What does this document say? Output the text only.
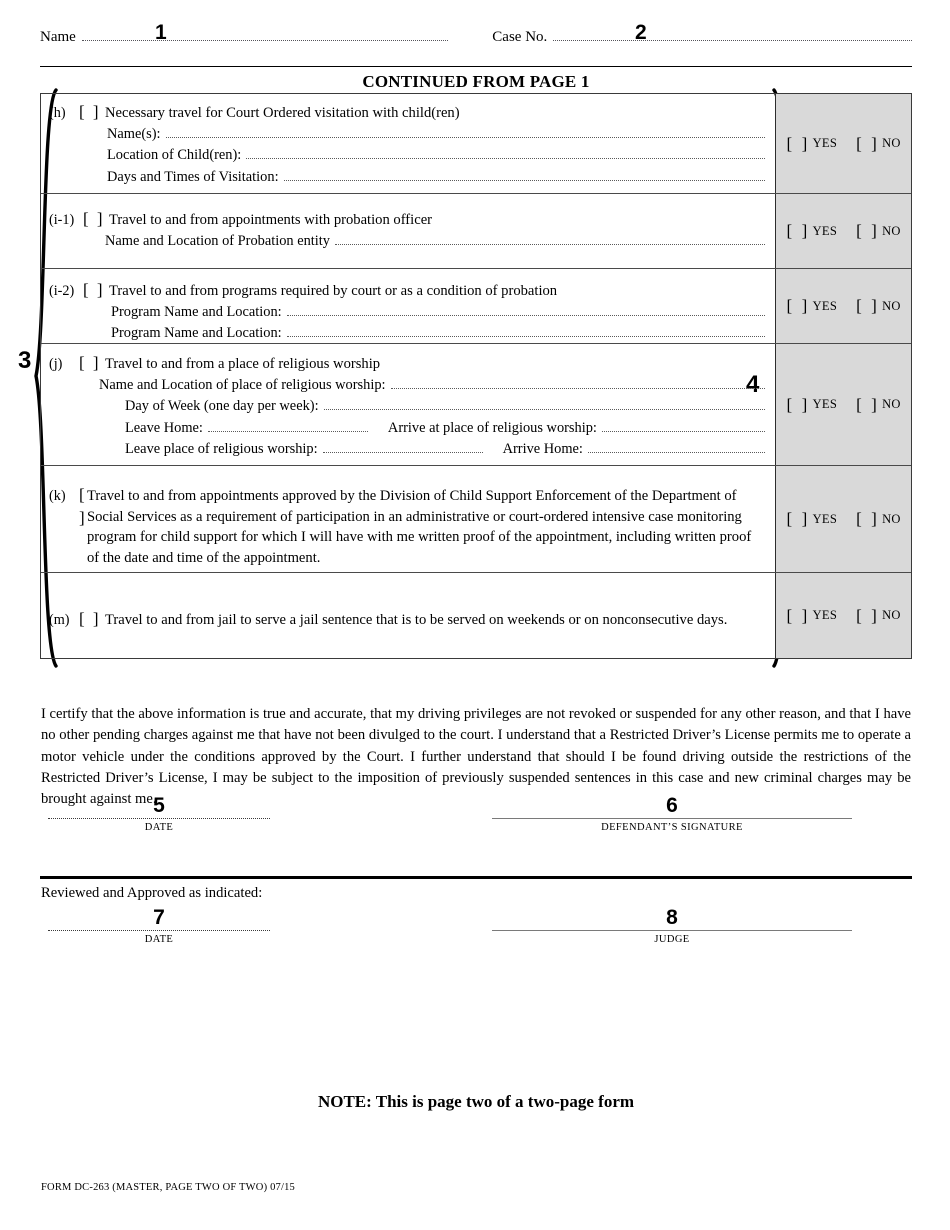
Name	Case No.
1	2
CONTINUED FROM PAGE 1
3
4
(h) [ ] Necessary travel for Court Ordered visitation with child(ren)
Name(s):
Location of Child(ren):
Days and Times of Visitation:
[  ] YES [  ] NO
(i-1) [ ] Travel to and from appointments with probation officer
Name and Location of Probation entity
[  ] YES [  ] NO
(i-2) [ ] Travel to and from programs required by court or as a condition of probation
Program Name and Location:
Program Name and Location:
[  ] YES [  ] NO
(j) [ ] Travel to and from a place of religious worship
Name and Location of place of religious worship:
Day of Week (one day per week):
Leave Home:	Arrive at place of religious worship:
Leave place of religious worship:	Arrive Home:
[  ] YES [  ] NO
(k) [ ]
Travel to and from appointments approved by the Division of Child Support Enforcement of the Department of Social Services as a requirement of participation in an administrative or court-ordered intensive case monitoring program for child support for which I will have with me written proof of the appointment, including written proof of the date and time of the appointment.
[  ] YES [  ] NO
(m) [ ] Travel to and from jail to serve a jail sentence that is to be served on weekends or on nonconsecutive days.	[  ] YES [  ] NO
I certify that the above information is true and accurate, that my driving privileges are not revoked or suspended for any other reason, and that I have no other pending charges against me that have not been divulged to the court. I understand that a Restricted Driver’s License permits me to operate a motor vehicle under the conditions approved by the Court. I further understand that should I be found driving outside the restrictions of the Restricted Driver’s License, I may be subject to the imposition of previously suspended sentences in this case and new criminal charges may be brought against me.
5
DATE
6
DEFENDANT’S SIGNATURE
Reviewed and Approved as indicated:
7
DATE
8
JUDGE
NOTE: This is page two of a two-page form
FORM DC-263 (MASTER, PAGE TWO OF TWO) 07/15
